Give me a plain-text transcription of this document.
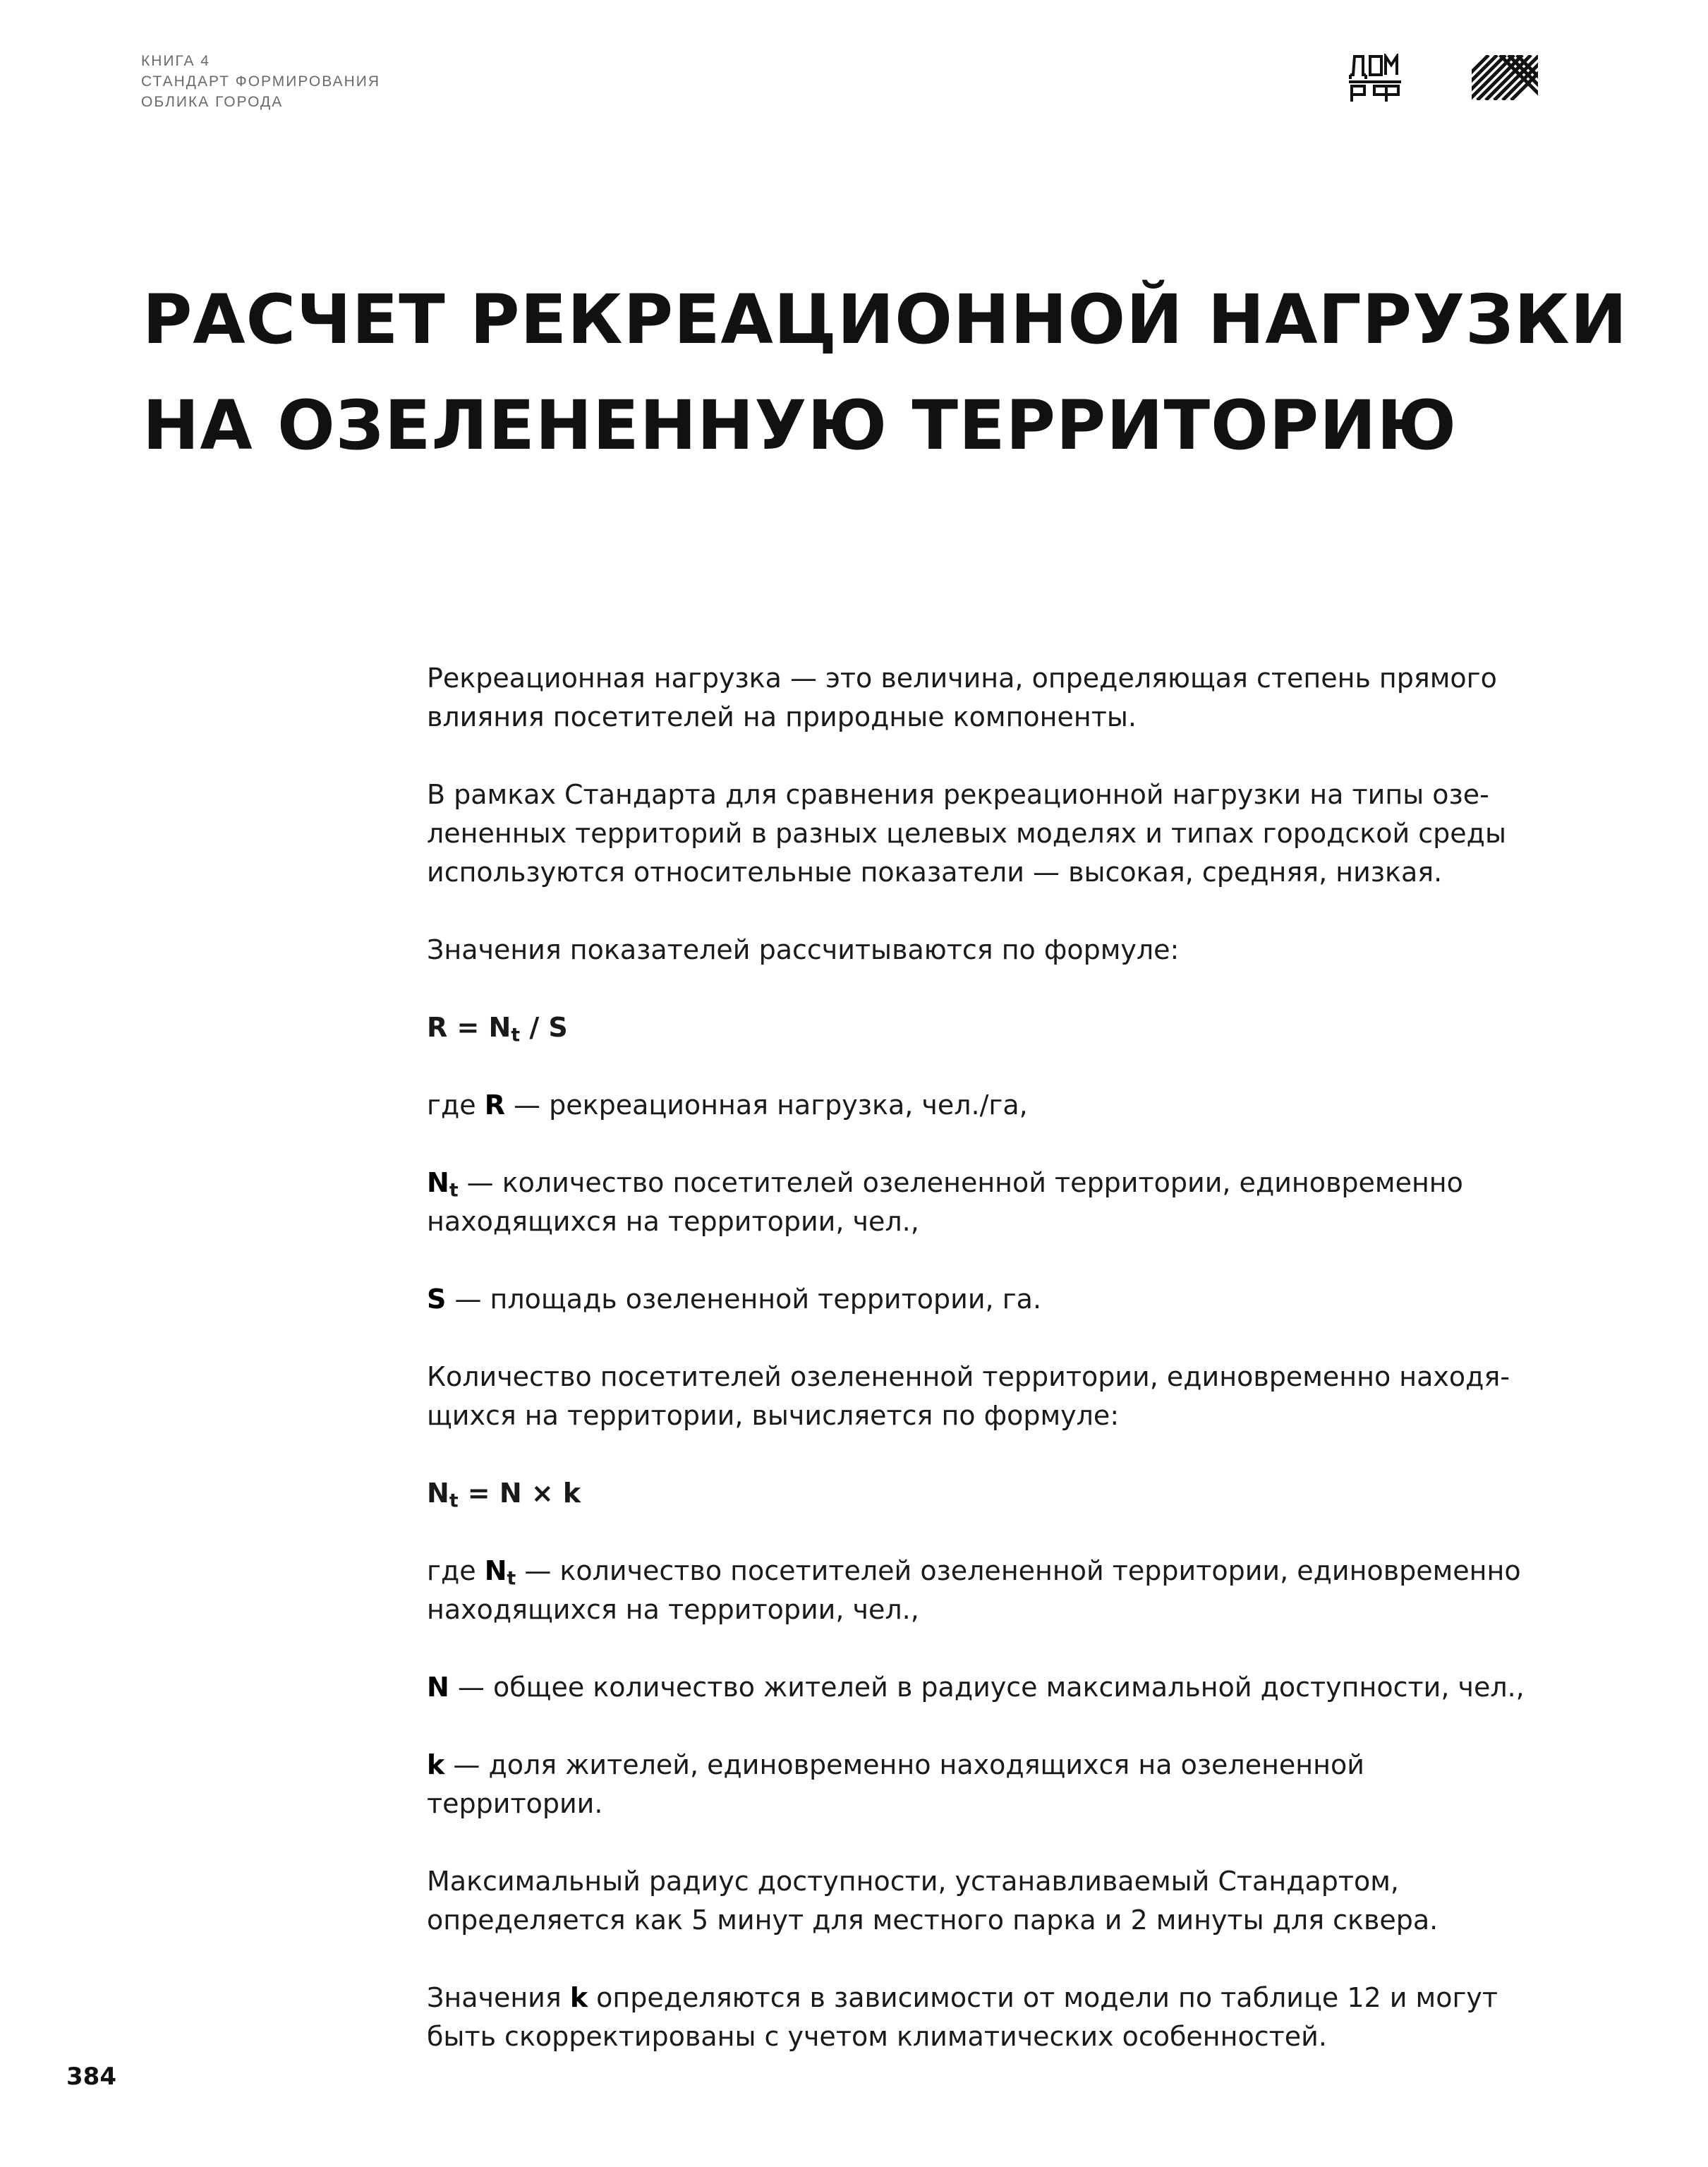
КНИГА 4
СТАНДАРТ ФОРМИРОВАНИЯ
ОБЛИКА ГОРОДА
РАСЧЕТ РЕКРЕАЦИОННОЙ НАГРУЗКИ
НА ОЗЕЛЕНЕННУЮ ТЕРРИТОРИЮ

Рекреационная нагрузка — это величина, определяющая степень прямого влияния посетителей на природные компоненты.

В рамках Стандарта для сравнения рекреационной нагрузки на типы озелененных территорий в разных целевых моделях и типах городской среды используются относительные показатели — высокая, средняя, низкая.

Значения показателей рассчитываются по формуле:

$R = N_t / S$

где R — рекреационная нагрузка, чел./га,

$N_t$ — количество посетителей озелененной территории, единовременно находящихся на территории, чел.,

S — площадь озелененной территории, га.

Количество посетителей озелененной территории, единовременно находящихся на территории, вычисляется по формуле:

$N_t = N \times k$

где $N_t$ — количество посетителей озелененной территории, единовременно находящихся на территории, чел.,

N — общее количество жителей в радиусе максимальной доступности, чел.,

k — доля жителей, единовременно находящихся на озелененной территории.

Максимальный радиус доступности, устанавливаемый Стандартом, определяется как 5 минут для местного парка и 2 минуты для сквера.

Значения k определяются в зависимости от модели по таблице 12 и могут быть скорректированы с учетом климатических особенностей.

384
